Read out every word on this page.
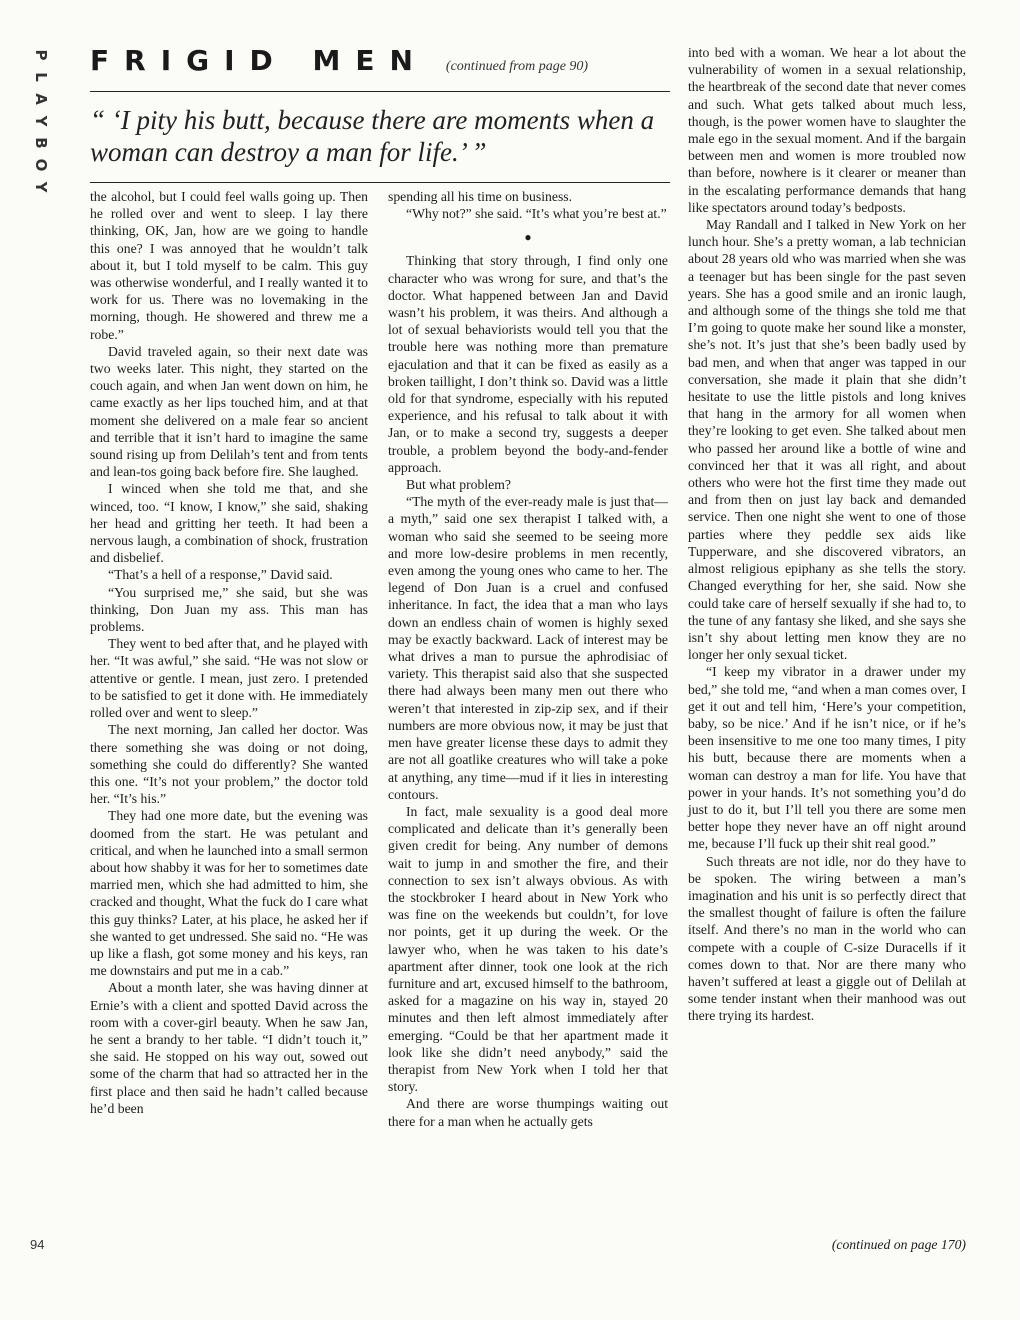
P
L
A
Y
B
O
Y
FRIGID MEN (continued from page 90)
“ ‘I pity his butt, because there are moments when a woman can destroy a man for life.’ ”

the alcohol, but I could feel walls going up. Then he rolled over and went to sleep. I lay there thinking, OK, Jan, how are we going to handle this one? I was annoyed that he wouldn’t talk about it, but I told myself to be calm. This guy was otherwise wonderful, and I really wanted it to work for us. There was no lovemaking in the morning, though. He showered and threw me a robe.”

David traveled again, so their next date was two weeks later. This night, they started on the couch again, and when Jan went down on him, he came exactly as her lips touched him, and at that moment she delivered on a male fear so ancient and terrible that it isn’t hard to imagine the same sound rising up from Delilah’s tent and from tents and lean-tos going back before fire. She laughed.

I winced when she told me that, and she winced, too. “I know, I know,” she said, shaking her head and gritting her teeth. It had been a nervous laugh, a combination of shock, frustration and disbelief.

“That’s a hell of a response,” David said.

“You surprised me,” she said, but she was thinking, Don Juan my ass. This man has problems.

They went to bed after that, and he played with her. “It was awful,” she said. “He was not slow or attentive or gentle. I mean, just zero. I pretended to be satisfied to get it done with. He immediately rolled over and went to sleep.”

The next morning, Jan called her doctor. Was there something she was doing or not doing, something she could do differently? She wanted this one. “It’s not your problem,” the doctor told her. “It’s his.”

They had one more date, but the evening was doomed from the start. He was petulant and critical, and when he launched into a small sermon about how shabby it was for her to sometimes date married men, which she had admitted to him, she cracked and thought, What the fuck do I care what this guy thinks? Later, at his place, he asked her if she wanted to get undressed. She said no. “He was up like a flash, got some money and his keys, ran me downstairs and put me in a cab.”

About a month later, she was having dinner at Ernie’s with a client and spotted David across the room with a cover-girl beauty. When he saw Jan, he sent a brandy to her table. “I didn’t touch it,” she said. He stopped on his way out, sowed out some of the charm that had so attracted her in the first place and then said he hadn’t called because he’d been

spending all his time on business.

“Why not?” she said. “It’s what you’re best at.”

●

Thinking that story through, I find only one character who was wrong for sure, and that’s the doctor. What happened between Jan and David wasn’t his problem, it was theirs. And although a lot of sexual behaviorists would tell you that the trouble here was nothing more than premature ejaculation and that it can be fixed as easily as a broken taillight, I don’t think so. David was a little old for that syndrome, especially with his reputed experience, and his refusal to talk about it with Jan, or to make a second try, suggests a deeper trouble, a problem beyond the body-and-fender approach.

But what problem?

“The myth of the ever-ready male is just that—a myth,” said one sex therapist I talked with, a woman who said she seemed to be seeing more and more low-desire problems in men recently, even among the young ones who came to her. The legend of Don Juan is a cruel and confused inheritance. In fact, the idea that a man who lays down an endless chain of women is highly sexed may be exactly backward. Lack of interest may be what drives a man to pursue the aphrodisiac of variety. This therapist said also that she suspected there had always been many men out there who weren’t that interested in zip-zip sex, and if their numbers are more obvious now, it may be just that men have greater license these days to admit they are not all goatlike creatures who will take a poke at anything, any time—mud if it lies in interesting contours.

In fact, male sexuality is a good deal more complicated and delicate than it’s generally been given credit for being. Any number of demons wait to jump in and smother the fire, and their connection to sex isn’t always obvious. As with the stockbroker I heard about in New York who was fine on the weekends but couldn’t, for love nor points, get it up during the week. Or the lawyer who, when he was taken to his date’s apartment after dinner, took one look at the rich furniture and art, excused himself to the bathroom, asked for a magazine on his way in, stayed 20 minutes and then left almost immediately after emerging. “Could be that her apartment made it look like she didn’t need anybody,” said the therapist from New York when I told her that story.

And there are worse thumpings waiting out there for a man when he actually gets

into bed with a woman. We hear a lot about the vulnerability of women in a sexual relationship, the heartbreak of the second date that never comes and such. What gets talked about much less, though, is the power women have to slaughter the male ego in the sexual moment. And if the bargain between men and women is more troubled now than before, nowhere is it clearer or meaner than in the escalating performance demands that hang like spectators around today’s bedposts.

May Randall and I talked in New York on her lunch hour. She’s a pretty woman, a lab technician about 28 years old who was married when she was a teenager but has been single for the past seven years. She has a good smile and an ironic laugh, and although some of the things she told me that I’m going to quote make her sound like a monster, she’s not. It’s just that she’s been badly used by bad men, and when that anger was tapped in our conversation, she made it plain that she didn’t hesitate to use the little pistols and long knives that hang in the armory for all women when they’re looking to get even. She talked about men who passed her around like a bottle of wine and convinced her that it was all right, and about others who were hot the first time they made out and from then on just lay back and demanded service. Then one night she went to one of those parties where they peddle sex aids like Tupperware, and she discovered vibrators, an almost religious epiphany as she tells the story. Changed everything for her, she said. Now she could take care of herself sexually if she had to, to the tune of any fantasy she liked, and she says she isn’t shy about letting men know they are no longer her only sexual ticket.

“I keep my vibrator in a drawer under my bed,” she told me, “and when a man comes over, I get it out and tell him, ‘Here’s your competition, baby, so be nice.’ And if he isn’t nice, or if he’s been insensitive to me one too many times, I pity his butt, because there are moments when a woman can destroy a man for life. You have that power in your hands. It’s not something you’d do just to do it, but I’ll tell you there are some men better hope they never have an off night around me, because I’ll fuck up their shit real good.”

Such threats are not idle, nor do they have to be spoken. The wiring between a man’s imagination and his unit is so perfectly direct that the smallest thought of failure is often the failure itself. And there’s no man in the world who can compete with a couple of C-size Duracells if it comes down to that. Nor are there many who haven’t suffered at least a giggle out of Delilah at some tender instant when their manhood was out there trying its hardest.

(continued on page 170)
94
